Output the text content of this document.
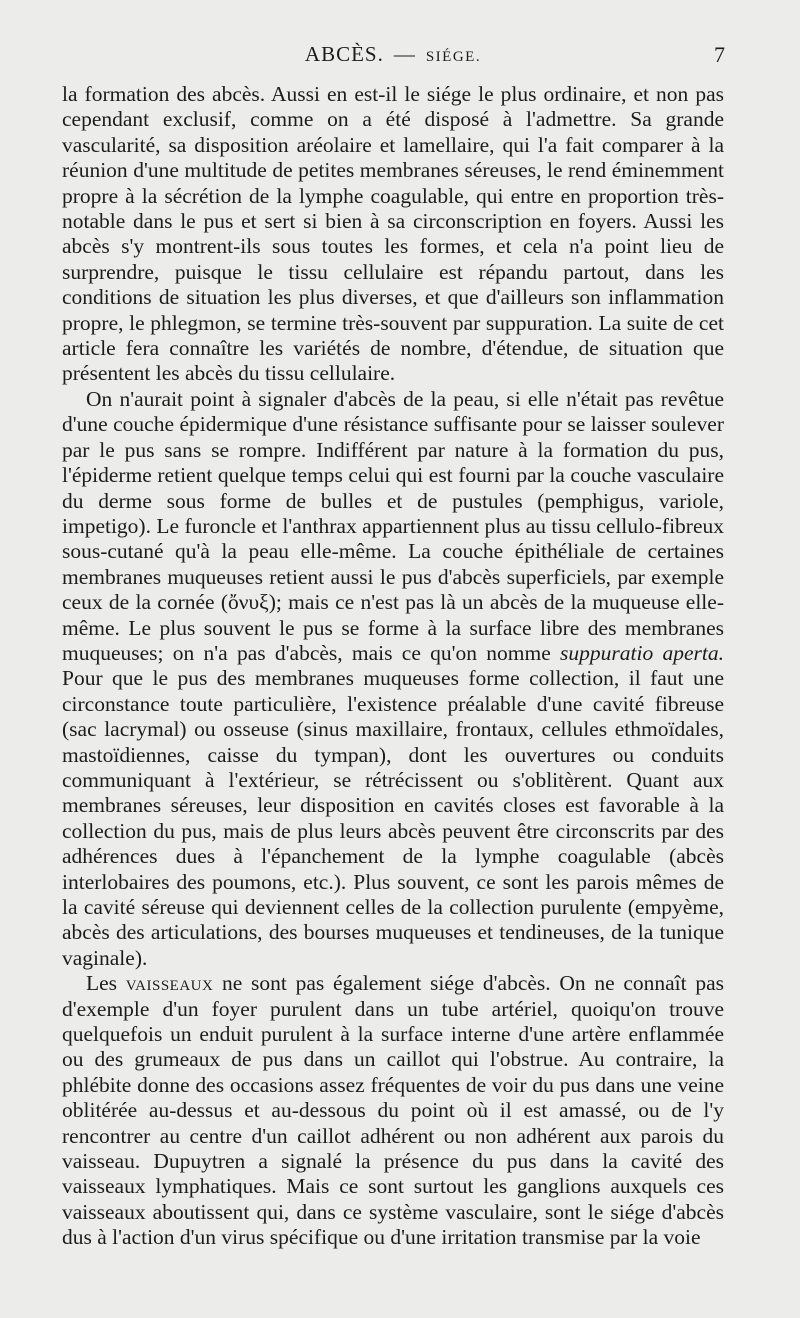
ABCÈS. — SIÉGE.	7

la formation des abcès. Aussi en est-il le siége le plus ordinaire, et non pas cependant exclusif, comme on a été disposé à l'admettre. Sa grande vascularité, sa disposition aréolaire et lamellaire, qui l'a fait comparer à la réunion d'une multitude de petites membranes séreuses, le rend éminemment propre à la sécrétion de la lymphe coagulable, qui entre en proportion très-notable dans le pus et sert si bien à sa circonscription en foyers. Aussi les abcès s'y montrent-ils sous toutes les formes, et cela n'a point lieu de surprendre, puisque le tissu cellulaire est répandu partout, dans les conditions de situation les plus diverses, et que d'ailleurs son inflammation propre, le phlegmon, se termine très-souvent par suppuration. La suite de cet article fera connaître les variétés de nombre, d'étendue, de situation que présentent les abcès du tissu cellulaire.

On n'aurait point à signaler d'abcès de la peau, si elle n'était pas revêtue d'une couche épidermique d'une résistance suffisante pour se laisser soulever par le pus sans se rompre. Indifférent par nature à la formation du pus, l'épiderme retient quelque temps celui qui est fourni par la couche vasculaire du derme sous forme de bulles et de pustules (pemphigus, variole, impetigo). Le furoncle et l'anthrax appartiennent plus au tissu cellulo-fibreux sous-cutané qu'à la peau elle-même. La couche épithéliale de certaines membranes muqueuses retient aussi le pus d'abcès superficiels, par exemple ceux de la cornée (ὄνυξ); mais ce n'est pas là un abcès de la muqueuse elle-même. Le plus souvent le pus se forme à la surface libre des membranes muqueuses; on n'a pas d'abcès, mais ce qu'on nomme suppuratio aperta. Pour que le pus des membranes muqueuses forme collection, il faut une circonstance toute particulière, l'existence préalable d'une cavité fibreuse (sac lacrymal) ou osseuse (sinus maxillaire, frontaux, cellules ethmoïdales, mastoïdiennes, caisse du tympan), dont les ouvertures ou conduits communiquant à l'extérieur, se rétrécissent ou s'oblitèrent. Quant aux membranes séreuses, leur disposition en cavités closes est favorable à la collection du pus, mais de plus leurs abcès peuvent être circonscrits par des adhérences dues à l'épanchement de la lymphe coagulable (abcès interlobaires des poumons, etc.). Plus souvent, ce sont les parois mêmes de la cavité séreuse qui deviennent celles de la collection purulente (empyème, abcès des articulations, des bourses muqueuses et tendineuses, de la tunique vaginale).

Les vaisseaux ne sont pas également siége d'abcès. On ne connaît pas d'exemple d'un foyer purulent dans un tube artériel, quoiqu'on trouve quelquefois un enduit purulent à la surface interne d'une artère enflammée ou des grumeaux de pus dans un caillot qui l'obstrue. Au contraire, la phlébite donne des occasions assez fréquentes de voir du pus dans une veine oblitérée au-dessus et au-dessous du point où il est amassé, ou de l'y rencontrer au centre d'un caillot adhérent ou non adhérent aux parois du vaisseau. Dupuytren a signalé la présence du pus dans la cavité des vaisseaux lymphatiques. Mais ce sont surtout les ganglions auxquels ces vaisseaux aboutissent qui, dans ce système vasculaire, sont le siége d'abcès dus à l'action d'un virus spécifique ou d'une irritation transmise par la voie
